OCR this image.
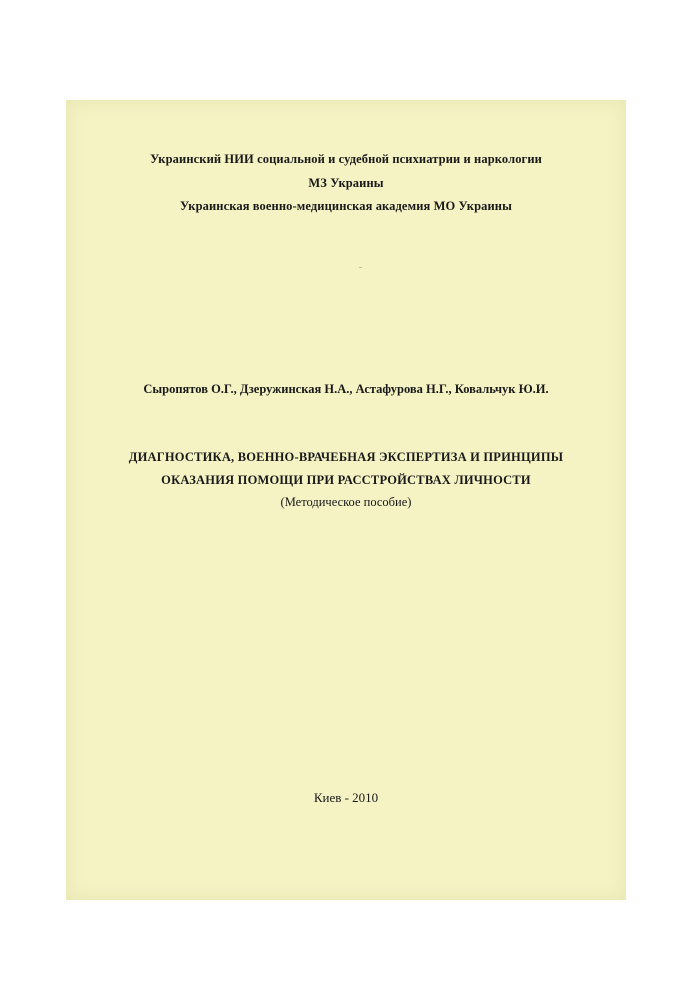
Украинский НИИ социальной и судебной психиатрии и наркологии
МЗ Украины
Украинская военно-медицинская академия МО Украины
Сыропятов О.Г., Дзеружинская Н.А., Астафурова Н.Г., Ковальчук Ю.И.
ДИАГНОСТИКА, ВОЕННО-ВРАЧЕБНАЯ ЭКСПЕРТИЗА И ПРИНЦИПЫ
ОКАЗАНИЯ ПОМОЩИ ПРИ РАССТРОЙСТВАХ ЛИЧНОСТИ
(Методическое пособие)
Киев - 2010
